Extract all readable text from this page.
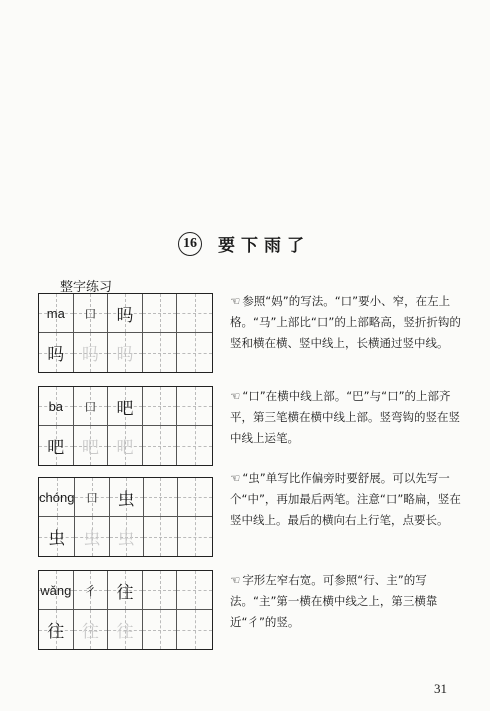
16 要下雨了
整字练习
ma 口 吗
吗 吗 吗
☜ 参照“妈”的写法。“口”要小、窄，在左上格。“马”上部比“口”的上部略高，竖折折钩的竖和横在横、竖中线上，长横通过竖中线。
ba 口 吧
吧 吧 吧
☜ “口”在横中线上部。“巴”与“口”的上部齐平，第三笔横在横中线上部。竖弯钩的竖在竖中线上运笔。
chóng 口 虫
虫 虫 虫
☜ “虫”单写比作偏旁时要舒展。可以先写一个“中”，再加最后两笔。注意“口”略扁，竖在竖中线上。最后的横向右上行笔，点要长。
wǎng 彳 往
往 往 往
☜ 字形左窄右宽。可参照“行、主”的写法。“主”第一横在横中线之上，第三横靠近“彳”的竖。
31
